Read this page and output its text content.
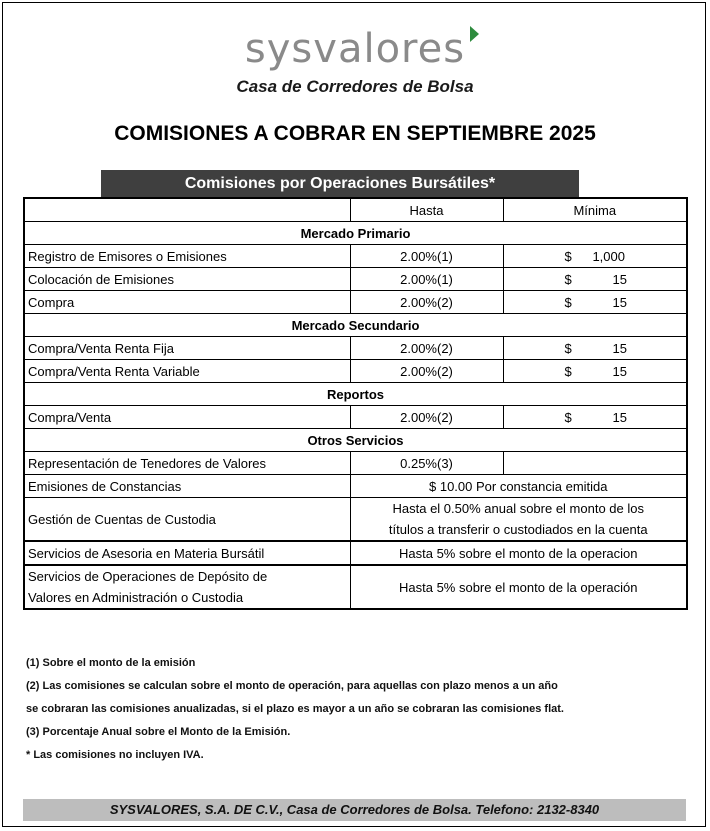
sysvalores
Casa de Corredores de Bolsa
COMISIONES A COBRAR EN SEPTIEMBRE 2025
Comisiones por Operaciones Bursátiles*
	Hasta	Mínima
Mercado Primario		
Registro de Emisores o Emisiones	2.00%(1)	$ 1,000

Colocación de Emisiones	2.00%(1)	$ 15

Compra	2.00%(2)	$ 15

Mercado Secundario		
Compra/Venta Renta Fija	2.00%(2)	$ 15

Compra/Venta Renta Variable	2.00%(2)	$ 15

Reportos		
Compra/Venta	2.00%(2)	$ 15

Otros Servicios		
Representación de Tenedores de Valores	0.25%(3)	
Emisiones de Constancias	$ 10.00 Por constancia emitida	
Gestión de Cuentas de Custodia	Hasta el 0.50% anual sobre el monto de los
títulos a transferir o custodiados en la cuenta	

Servicios de Asesoria en Materia Bursátil	Hasta 5% sobre el monto de la operacion	

Servicios de Operaciones de Depósito de
Valores en Administración o Custodia	Hasta 5% sobre el monto de la operación	
(1) Sobre el monto de la emisión
(2) Las comisiones se calculan sobre el monto de operación, para aquellas con plazo menos a un año
se cobraran las comisiones anualizadas, si el plazo es mayor a un año se cobraran las comisiones flat.
(3) Porcentaje Anual sobre el Monto de la Emisión.
* Las comisiones no incluyen IVA.
SYSVALORES, S.A. DE C.V., Casa de Corredores de Bolsa. Telefono: 2132-8340
